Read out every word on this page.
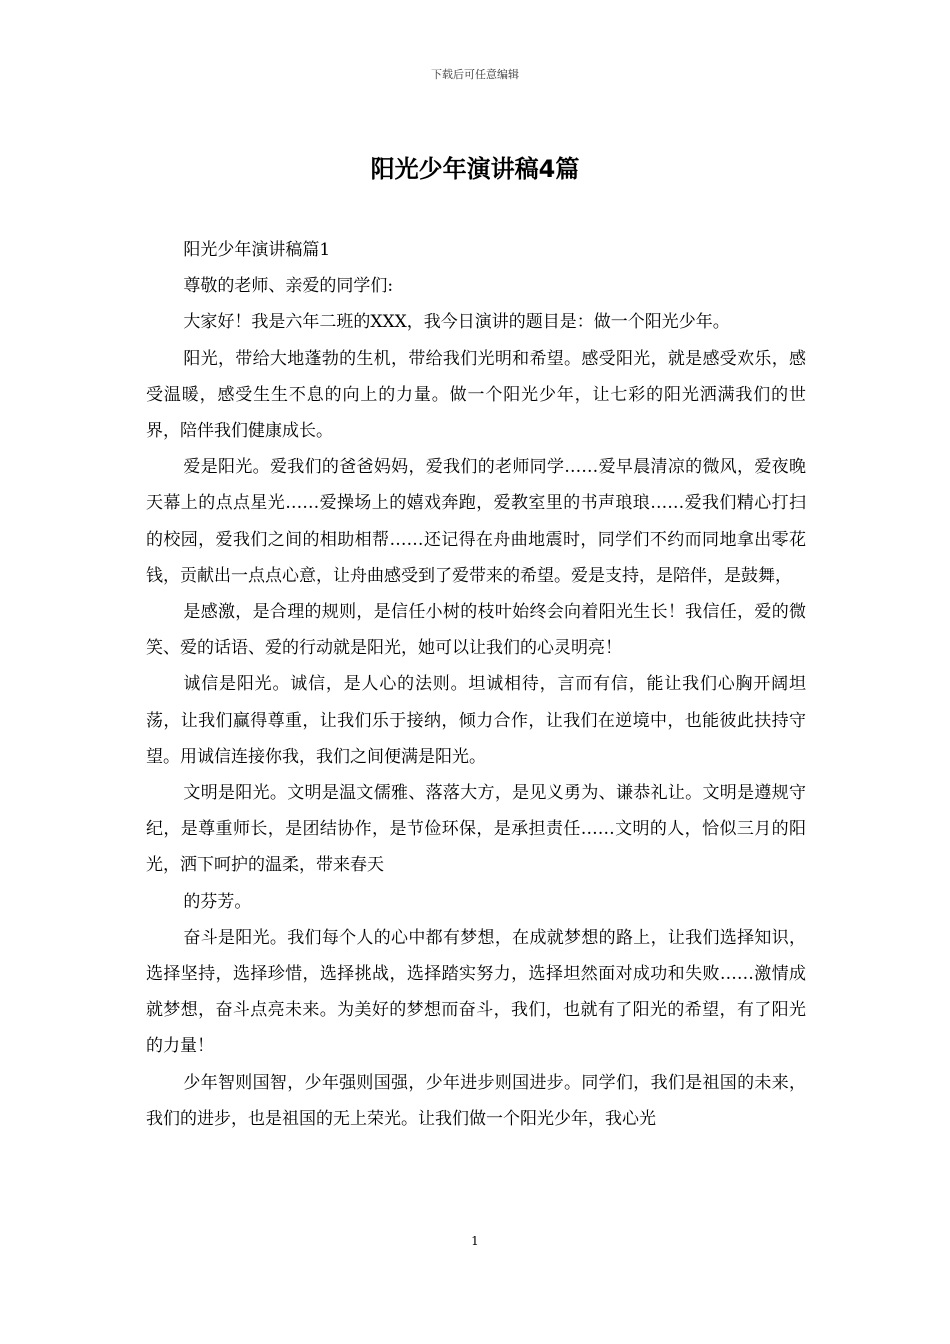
下载后可任意编辑
阳光少年演讲稿4篇

阳光少年演讲稿篇1

尊敬的老师、亲爱的同学们:

大家好！我是六年二班的XXX，我今日演讲的题目是：做一个阳光少年。

阳光，带给大地蓬勃的生机，带给我们光明和希望。感受阳光，就是感受欢乐，感受温暖，感受生生不息的向上的力量。做一个阳光少年，让七彩的阳光洒满我们的世界，陪伴我们健康成长。

爱是阳光。爱我们的爸爸妈妈，爱我们的老师同学……爱早晨清凉的微风，爱夜晚天幕上的点点星光……爱操场上的嬉戏奔跑，爱教室里的书声琅琅……爱我们精心打扫的校园，爱我们之间的相助相帮……还记得在舟曲地震时，同学们不约而同地拿出零花钱，贡献出一点点心意，让舟曲感受到了爱带来的希望。爱是支持，是陪伴，是鼓舞，

是感激，是合理的规则，是信任小树的枝叶始终会向着阳光生长！我信任，爱的微笑、爱的话语、爱的行动就是阳光，她可以让我们的心灵明亮！

诚信是阳光。诚信，是人心的法则。坦诚相待，言而有信，能让我们心胸开阔坦荡，让我们赢得尊重，让我们乐于接纳，倾力合作，让我们在逆境中，也能彼此扶持守望。用诚信连接你我，我们之间便满是阳光。

文明是阳光。文明是温文儒雅、落落大方，是见义勇为、谦恭礼让。文明是遵规守纪，是尊重师长，是团结协作，是节俭环保，是承担责任……文明的人，恰似三月的阳光，洒下呵护的温柔，带来春天

的芬芳。

奋斗是阳光。我们每个人的心中都有梦想，在成就梦想的路上，让我们选择知识，选择坚持，选择珍惜，选择挑战，选择踏实努力，选择坦然面对成功和失败……激情成就梦想，奋斗点亮未来。为美好的梦想而奋斗，我们，也就有了阳光的希望，有了阳光的力量！

少年智则国智，少年强则国强，少年进步则国进步。同学们，我们是祖国的未来，我们的进步，也是祖国的无上荣光。让我们做一个阳光少年，我心光

1
